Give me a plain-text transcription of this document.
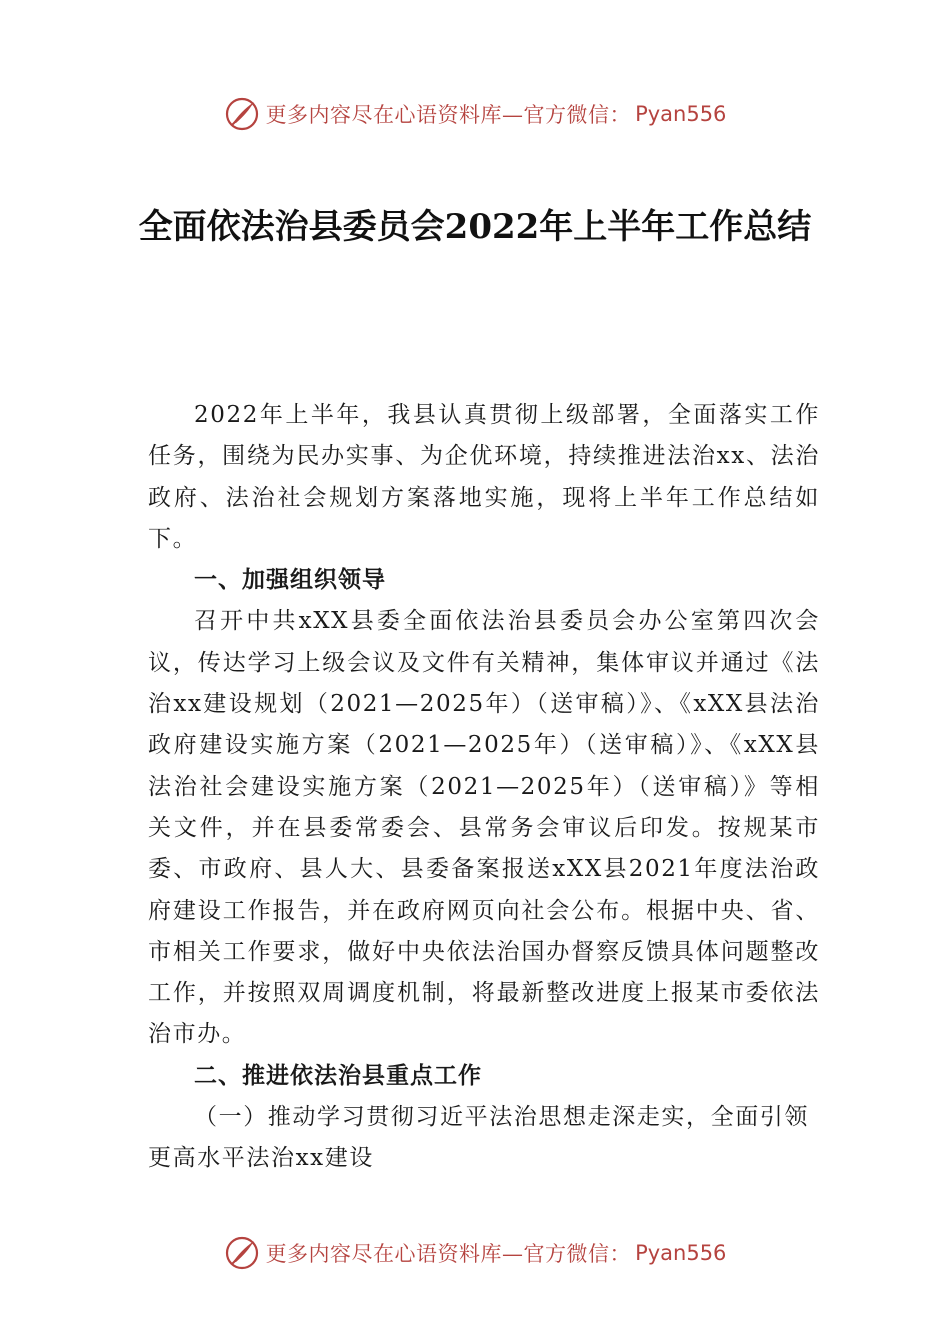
更多内容尽在心语资料库—官方微信： Pyan556
全面依法治县委员会2022年上半年工作总结

2022年上半年，我县认真贯彻上级部署，全面落实工作任务，围绕为民办实事、为企优环境，持续推进法治xx、法治政府、法治社会规划方案落地实施，现将上半年工作总结如下。

一、加强组织领导

召开中共xXX县委全面依法治县委员会办公室第四次会议，传达学习上级会议及文件有关精神，集体审议并通过《法治xx建设规划（2021—2025年）（送审稿）》、《xXX县法治政府建设实施方案（2021—2025年）（送审稿）》、《xXX县法治社会建设实施方案（2021—2025年）（送审稿）》等相关文件，并在县委常委会、县常务会审议后印发。按规某市委、市政府、县人大、县委备案报送xXX县2021年度法治政府建设工作报告，并在政府网页向社会公布。根据中央、省、市相关工作要求，做好中央依法治国办督察反馈具体问题整改工作，并按照双周调度机制，将最新整改进度上报某市委依法治市办。

二、推进依法治县重点工作
（一）推动学习贯彻习近平法治思想走深走实，全面引领更高水平法治xx建设
更多内容尽在心语资料库—官方微信： Pyan556
